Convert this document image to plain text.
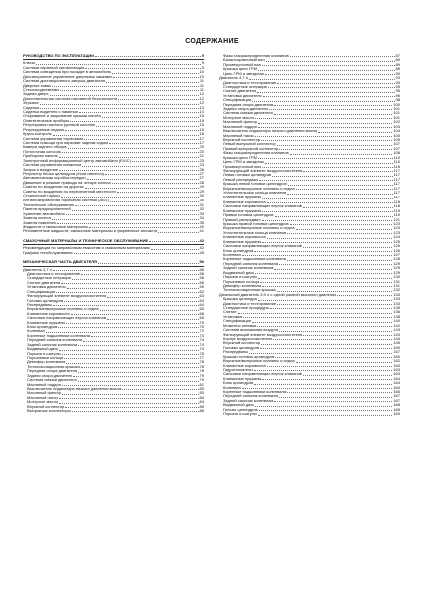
СОДЕРЖАНИЕ
РУКОВОДСТВО ПО ЭКСПЛУАТАЦИИ	9
Ключи	9
Система охранной сигнализации	9
Система освещения при посадке в автомобиль	10
Дистанционное управление дверными замками	10
Система дистанционного запуска двигателя	11
Дверные замки	11
Стеклоподъемники	11
Задняя дверь	12
Дополнительная система пассивной безопасности	12
Зеркала	12
Сиденья	13
Сиденья водителя с памятью	14
Открывание и закрывание крышки капота	15
Осветительные приборы	15
Регулировка наклона рулевой колонки	15
Регулируемые педали	15
Круиз-контроль	16
Система управления тормозами	17
Система помощи при парковке задним ходом	17
Камера заднего обзора	20
Потолочная консоль	20
Приборная панель	21
Электронный информационный центр автомобиля (EVIC)	23
Система управления климатом	23
Запуск и вождение	26
Регулятор блока цилиндров (если имеется)	27
Автоматическая коробка передач	27
Движение в режиме привода на четыре колеса	28
Советы по вождению на дорогах	29
Советы по вождению по пересеченной местности	29
Стояночный тормоз	30
Антиблокировочная тормозная система (АБS)	30
Техническое обслуживание	31
Панели предохранителей	32
Хранение автомобиля	33
Замена колеса	34
Замена лампочек	35
Жидкости и смазочные материалы	40
Регламентные жидкости, смазочные материалы и фирменные запчасти	41
СМАЗОЧНЫЕ МАТЕРИАЛЫ И ТЕХНИЧЕСКОЕ ОБСЛУЖИВАНИЕ	42
Рекомендации по заправочным емкостям и смазочным материалам	42
Графики техобслуживания	45
МЕХАНИЧЕСКАЯ ЧАСТЬ ДВИГАТЕЛЯ	56
Двигатель 3,7 л	56
Диагностика и тестирование	56
Стандартные операции	56
Снятие двигателя	56
Установка двигателя	59
Спецификации	62
Фильтрующий элемент воздухоочистителя	63
Головки цилиндров	63
Распредвалы	64
Впускные/выпускные клапаны и седла	65
Клапанные коромысла	68
Сальники направляющих втулок клапанов	69
Клапанные пружины	70
Блок цилиндров	70
Коленвал	72
Коренные подшипники коленвала	74
Передний сальник коленвала	74
Задний сальник коленвала	74
Выдвижной диск	74
Поршни и шатуны	75
Поршневые кольца	77
Демпфер коленвала	78
Теплоизоляционная крышка	78
Передняя опора двигателя	78
Задняя опора двигателя	79
Система смазки двигателя	79
Масляный поддон	81
Выключатель индикатора низкого давления масла	83
Масляный фильтр	83
Масляный насос	84
Моторное масло	84
Впускной коллектор	85
Выпускные коллекторы	86
Фазы газораспределения клапанов	87
Балансировочный вал	89
Промежуточный вал	89
Крышка цепи ГРМ	89
Цепь ГРМ и звездочки	90
Двигатель 4,7 л	93
Диагностика и тестирование	93
Стандартные операции	95
Снятие двигателя	95
Установка двигателя	96
Спецификации	98
Передняя опора двигателя	100
Задняя опора двигателя	101
Система смазки двигателя	101
Моторное масло	101
Масляный фильтр	102
Масляный поддон	103
Выключатель индикатора низкого давления масла	104
Масляный насос	105
Впускной коллектор	106
Левый выпускной коллектор	107
Правый выпускной коллектор	107
Фазы газораспределения клапанов	108
Крышка цепи ГРМ	110
Цепь ГРМ и звездочки	110
Промежуточный вал	116
Фильтрующий элемент воздухоочистителя	117
Левая головка цилиндров	117
Левый распредвал	117
Крышка левой головки цилиндров	117
Впускные/выпускные клапаны и седла	117
Уплотнительные кольца клапанов	117
Клапанные пружины	117
Клапанные коромысла	118
Сальники направляющих втулок клапанов	118
Клапанные пружины	119
Правая головка цилиндров	119
Правый распредвал	121
Крышка правой головки цилиндров	123
Впускные/выпускные клапаны и седла	123
Уплотнительные кольца клапанов	123
Клапанные коромысла	124
Клапанные пружины	125
Сальники направляющих втулок клапанов	125
Блок цилиндров	126
Коленвал	127
Коренные подшипники коленвала	128
Передний сальник коленвала	129
Задний сальник коленвала	129
Выдвижной диск	129
Поршни и шатуны	130
Поршневые кольца	131
Демпфер коленвала	131
Теплоизоляционная крышка	132
Дизельный двигатель 3,0 л с одной рампой высокого давления	133
Крышка цилиндра	133
Диагностика и тестирование	133
Стандартные процедуры	135
Снятие	136
Установка	138
Спецификации	140
Моменты затяжки	142
Система всасывания воздуха	143
Фильтрующий элемент воздухоочистителя	143
Корпус воздухоочистителя	144
Впускной коллектор	145
Головки цилиндров	150
Распредвалы	157
Крышки головок цилиндров	160
Впускные/выпускные клапаны и седла	162
Клапанные коромысла	163
Гидротолкатели	163
Сальники направляющих втулок клапанов	163
Клапанные пружины	164
Блок цилиндров	164
Коленвал	164
Коренные подшипники коленвала	165
Передний сальник коленвала	167
Задний сальник коленвала	167
Выдвижной диск	168
Гильзы цилиндров	168
Поршни и шатуны	169
